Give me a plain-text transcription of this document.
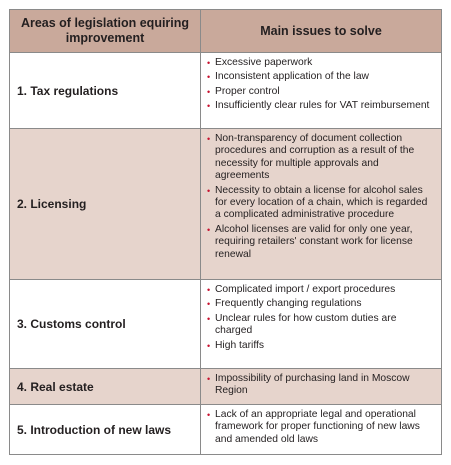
Areas of legislation equiring improvement
Main issues to solve
1. Tax regulations
• Excessive paperwork
• Inconsistent application of the law
• Proper control
• Insufficiently clear rules for VAT reimbursement
2. Licensing
• Non-transparency of document collection procedures and corruption as a result of the necessity for multiple approvals and agreements
• Necessity to obtain a license for alcohol sales for every location of a chain, which is regarded a complicated administrative procedure
• Alcohol licenses are valid for only one year, requiring retailers' constant work for license renewal
3. Customs control
• Complicated import / export procedures
• Frequently changing regulations
• Unclear rules for how custom duties are charged
• High tariffs
4. Real estate
• Impossibility of purchasing land in Moscow Region
5. Introduction of new laws
• Lack of an appropriate legal and operational framework for proper functioning of new laws and amended old laws
